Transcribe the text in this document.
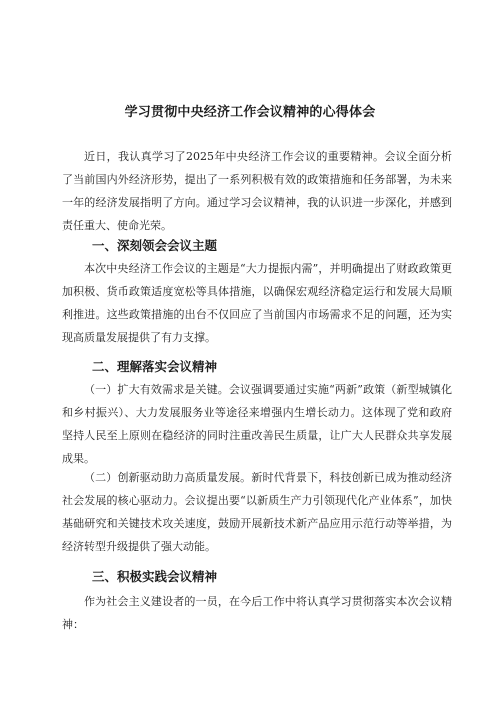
学习贯彻中央经济工作会议精神的心得体会

近日，我认真学习了2025年中央经济工作会议的重要精神。会议全面分析了当前国内外经济形势，提出了一系列积极有效的政策措施和任务部署，为未来一年的经济发展指明了方向。通过学习会议精神，我的认识进一步深化，并感到责任重大、使命光荣。

一、深刻领会会议主题

本次中央经济工作会议的主题是“大力提振内需”，并明确提出了财政政策更加积极、货币政策适度宽松等具体措施，以确保宏观经济稳定运行和发展大局顺利推进。这些政策措施的出台不仅回应了当前国内市场需求不足的问题，还为实现高质量发展提供了有力支撑。

二、理解落实会议精神

（一）扩大有效需求是关键。会议强调要通过实施“两新”政策（新型城镇化和乡村振兴）、大力发展服务业等途径来增强内生增长动力。这体现了党和政府坚持人民至上原则在稳经济的同时注重改善民生质量，让广大人民群众共享发展成果。

（二）创新驱动助力高质量发展。新时代背景下，科技创新已成为推动经济社会发展的核心驱动力。会议提出要“以新质生产力引领现代化产业体系”，加快基础研究和关键技术攻关速度，鼓励开展新技术新产品应用示范行动等举措，为经济转型升级提供了强大动能。

三、积极实践会议精神

作为社会主义建设者的一员，在今后工作中将认真学习贯彻落实本次会议精神：
